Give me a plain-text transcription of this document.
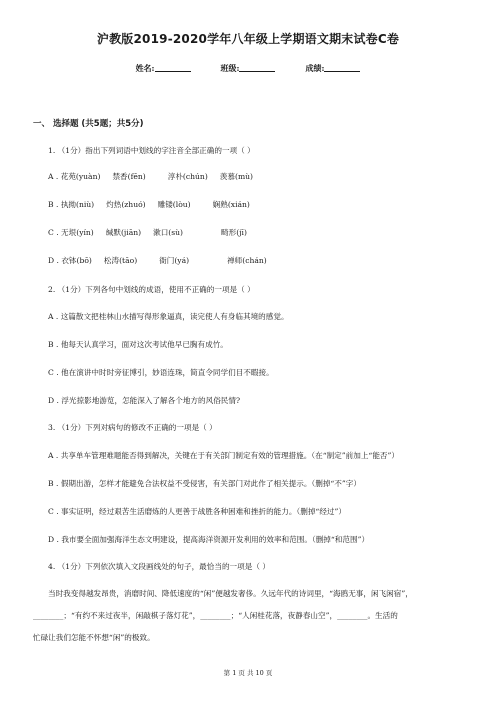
沪教版2019-2020学年八年级上学期语文期末试卷C卷
姓名:	班级:	成绩:
一、 选择题 (共5题；共5分)
1. （1分）指出下列词语中划线的字注音全部正确的一项（ ）
A . 花苑(yuàn) 禁香(fēn)	淳朴(chún) 羡慕(mù)
B . 执拗(niù) 灼热(zhuó) 雕镂(lòu)	娴熟(xián)
C . 无垠(yín) 缄默(jiān) 漱口(sù)	畸形(jī)
D . 衣钵(bō) 松涛(tāo)	衙门(yá)	禅师(chán)
2. （1分）下列各句中划线的成语，使用不正确的一项是（ ）
A . 这篇散文把桂林山水描写得形象逼真，读完使人有身临其境的感觉。
B . 他每天认真学习，面对这次考试他早已胸有成竹。
C . 他在演讲中时时旁征博引，妙语连珠，简直令同学们目不暇接。
D . 浮光掠影地游览，怎能深入了解各个地方的风俗民情?
3. （1分）下列对病句的修改不正确的一项是（ ）
A . 共享单车管理难题能否得到解决，关键在于有关部门制定有效的管理措施。（在“制定”前加上“能否”）
B . 假期出游，怎样才能避免合法权益不受侵害，有关部门对此作了相关提示。（删掉“不”字）
C . 事实证明，经过艰苦生活磨炼的人更善于战胜各种困难和挫折的能力。（删掉“经过”）
D . 我市要全面加强海洋生态文明建设，提高海洋资源开发利用的效率和范围。（删掉“和范围”）
4. （1分）下列依次填入文段画线处的句子，最恰当的一项是（ ）
当时我变得越发昂贵，消磨时间、降低速度的“闲”便越发奢侈。久远年代的诗词里，“海鸥无事，闲飞闲宿”，
________；“有约不来过夜半，闲敲棋子落灯花”，________；“人闲桂花落，夜静春山空”，________。生活的
忙碌让我们怎能不怀想“闲”的极致。
第 1 页 共 10 页
